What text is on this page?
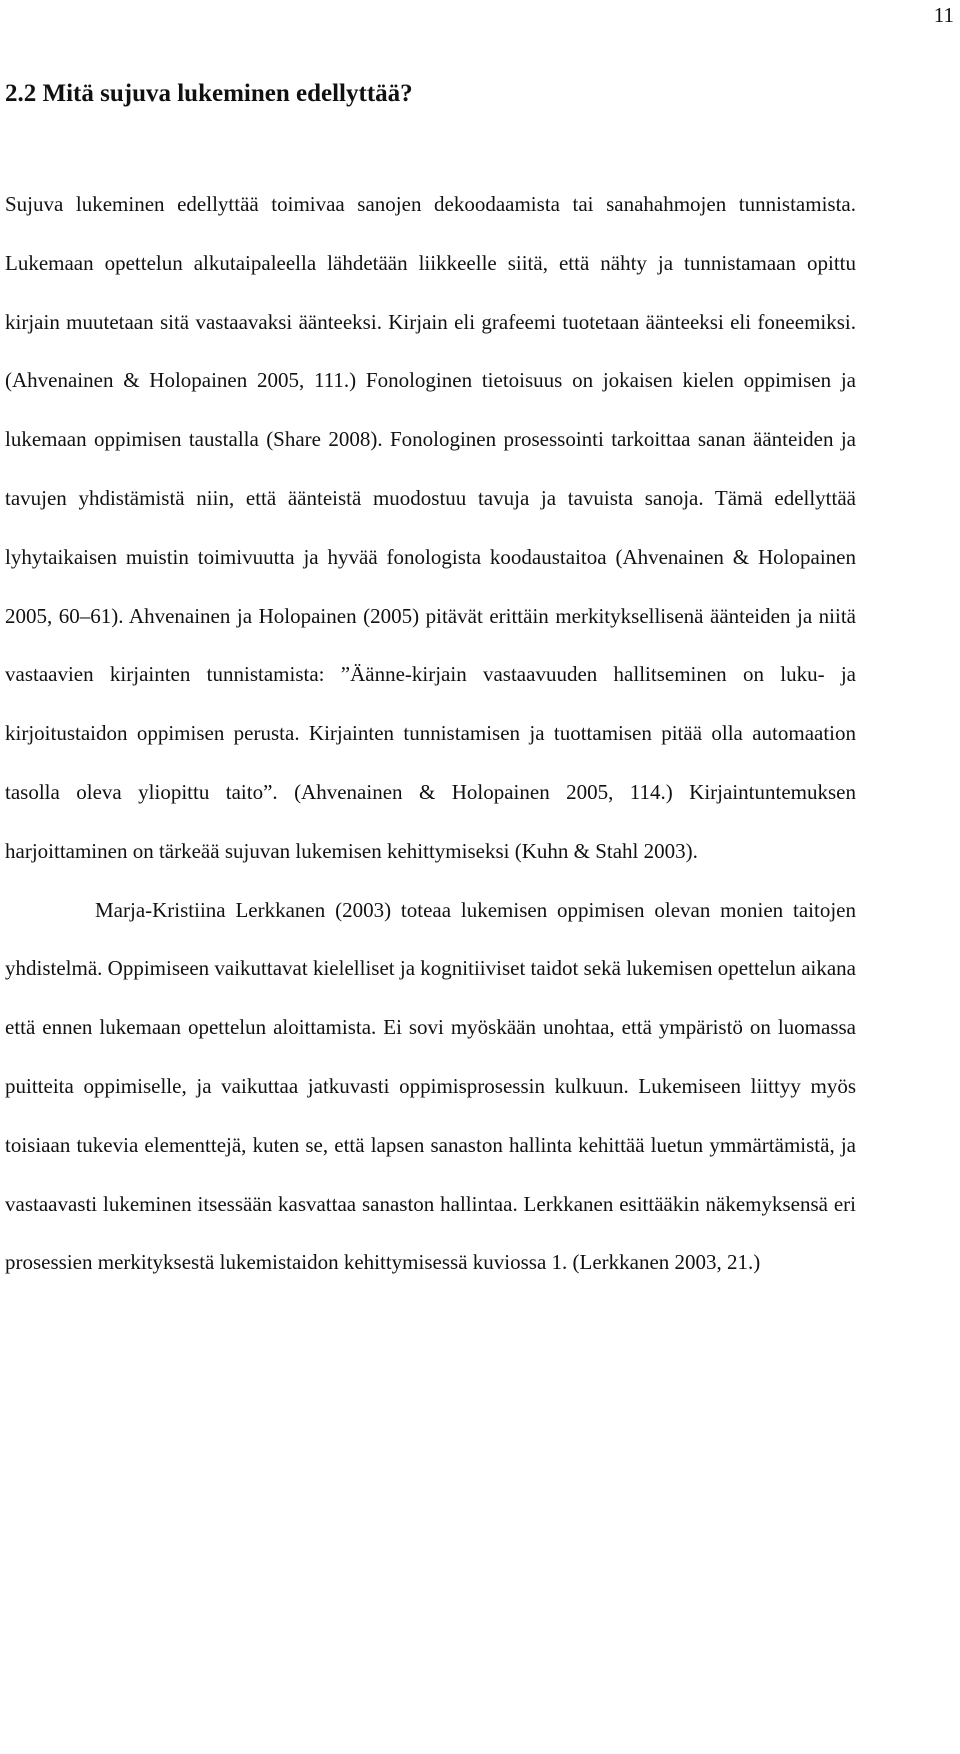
11
2.2 Mitä sujuva lukeminen edellyttää?

Sujuva lukeminen edellyttää toimivaa sanojen dekoodaamista tai sanahahmojen tunnistamista. Lukemaan opettelun alkutaipaleella lähdetään liikkeelle siitä, että nähty ja tunnistamaan opittu kirjain muutetaan sitä vastaavaksi äänteeksi. Kirjain eli grafeemi tuotetaan äänteeksi eli foneemiksi. (Ahvenainen & Holopainen 2005, 111.) Fonologinen tietoisuus on jokaisen kielen oppimisen ja lukemaan oppimisen taustalla (Share 2008). Fonologinen prosessointi tarkoittaa sanan äänteiden ja tavujen yhdistämistä niin, että äänteistä muodostuu tavuja ja tavuista sanoja. Tämä edellyttää lyhytaikaisen muistin toimivuutta ja hyvää fonologista koodaustaitoa (Ahvenainen & Holopainen 2005, 60–61). Ahvenainen ja Holopainen (2005) pitävät erittäin merkityksellisenä äänteiden ja niitä vastaavien kirjainten tunnistamista: ”Äänne-kirjain vastaavuuden hallitseminen on luku- ja kirjoitustaidon oppimisen perusta. Kirjainten tunnistamisen ja tuottamisen pitää olla automaation tasolla oleva yliopittu taito”. (Ahvenainen & Holopainen 2005, 114.) Kirjaintuntemuksen harjoittaminen on tärkeää sujuvan lukemisen kehittymiseksi (Kuhn & Stahl 2003).

Marja-Kristiina Lerkkanen (2003) toteaa lukemisen oppimisen olevan monien taitojen yhdistelmä. Oppimiseen vaikuttavat kielelliset ja kognitiiviset taidot sekä lukemisen opettelun aikana että ennen lukemaan opettelun aloittamista. Ei sovi myöskään unohtaa, että ympäristö on luomassa puitteita oppimiselle, ja vaikuttaa jatkuvasti oppimisprosessin kulkuun. Lukemiseen liittyy myös toisiaan tukevia elementtejä, kuten se, että lapsen sanaston hallinta kehittää luetun ymmärtämistä, ja vastaavasti lukeminen itsessään kasvattaa sanaston hallintaa. Lerkkanen esittääkin näkemyksensä eri prosessien merkityksestä lukemistaidon kehittymisessä kuviossa 1. (Lerkkanen 2003, 21.)
